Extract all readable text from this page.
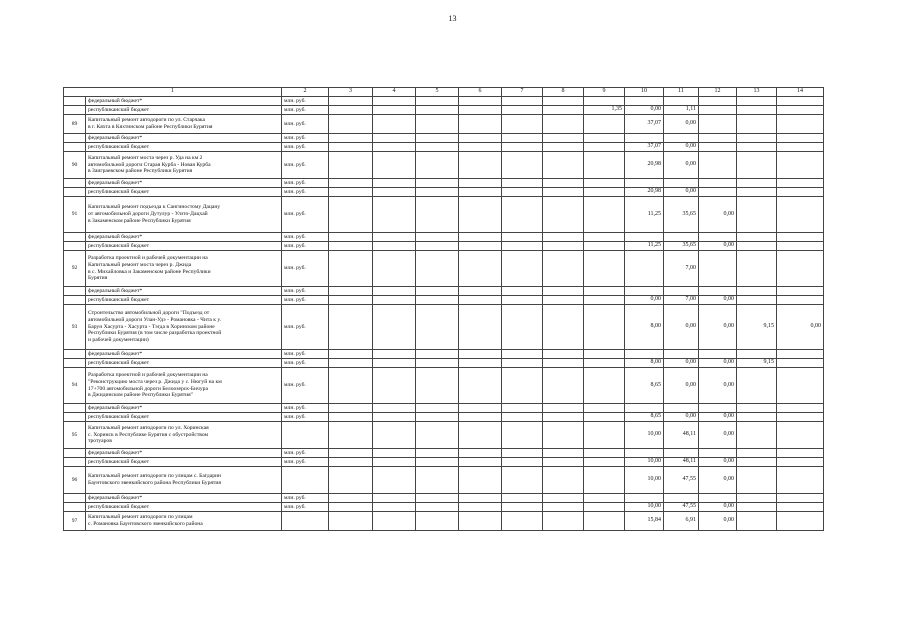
13
1		2	3	4	5	6	7	8	9	10	11	12	13	14

	федеральный бюджет*	млн. руб.												

	республиканский бюджет	млн. руб.							1,35	0,00	1,11			
89	Капитальный ремонт автодороги по ул. Старчака
в г. Кяхта в Кяхтинском районе Республики Бурятия	млн. руб.								37,07	0,00			

	федеральный бюджет*	млн. руб.												

	республиканский бюджет	млн. руб.								37,07	0,00			
90	Капитальный ремонт моста через р. Уда на км 2
автомобильной дороги Старая Курба - Новая Курба
в Заиграевском районе Республики Бурятия	млн. руб.								20,98	0,00			

	федеральный бюджет*	млн. руб.												

	республиканский бюджет	млн. руб.								20,98	0,00			
91	Капитальный ремонт подъезда к Сангиностому Дацану
от автомобильной дороги Дутулур - Улзто-Дацхай
в Закаменском районе Республики Бурятия	млн. руб.								11,25	35,65	0,00		

	федеральный бюджет*	млн. руб.												

	республиканский бюджет	млн. руб.								11,25	35,65	0,00		
92	Разработка проектной и рабочей документации на
Капитальный ремонт моста через р. Джида
в с. Михайловка и Закаменском районе Республики
Бурятия	млн. руб.									7,00			

	федеральный бюджет*	млн. руб.												

	республиканский бюджет	млн. руб.								0,00	7,00	0,00		
93	Строительство автомобильной дороги "Подъезд от
автомобильной дороги Улан-Удэ - Романовка - Чита к у.
Барун Хасурта - Хасурта - Тэгда в Хоринском районе
Республики Бурятия (в том числе разработка проектной
и рабочей документации)	млн. руб.								8,00	0,00	0,00	9,15	0,00

	федеральный бюджет*	млн. руб.												

	республиканский бюджет	млн. руб.								8,00	0,00	0,00	9,15	
94	Разработка проектной и рабочей документации на
"Реконструкцию моста через р. Джида у с. Нюгуй на км
17+700 автомобильной дороги Белоозерск-Бичура
в Джидинском районе Республики Бурятия"	млн. руб.								8,65	0,00	0,00		

	федеральный бюджет*	млн. руб.												

	республиканский бюджет	млн. руб.								8,65	0,00	0,00		
95	Капитальный ремонт автодороги по ул. Хоринская
с. Хоринск в Республике Бурятия с обустройством
тротуаров									10,00	48,11	0,00		

	федеральный бюджет*	млн. руб.												

	республиканский бюджет	млн. руб.								10,00	48,11	0,00		
96	Капитальный ремонт автодороги по улицам с. Багдарин
Баунтовского эвенкийского района Республики Бурятия									10,00	47,55	0,00		

	федеральный бюджет*	млн. руб.												

	республиканский бюджет	млн. руб.								10,00	47,55	0,00		
97	Капитальный ремонт автодороги по улицам
с. Романовка Баунтовского эвенкийского района									15,84	6,91	0,00		
